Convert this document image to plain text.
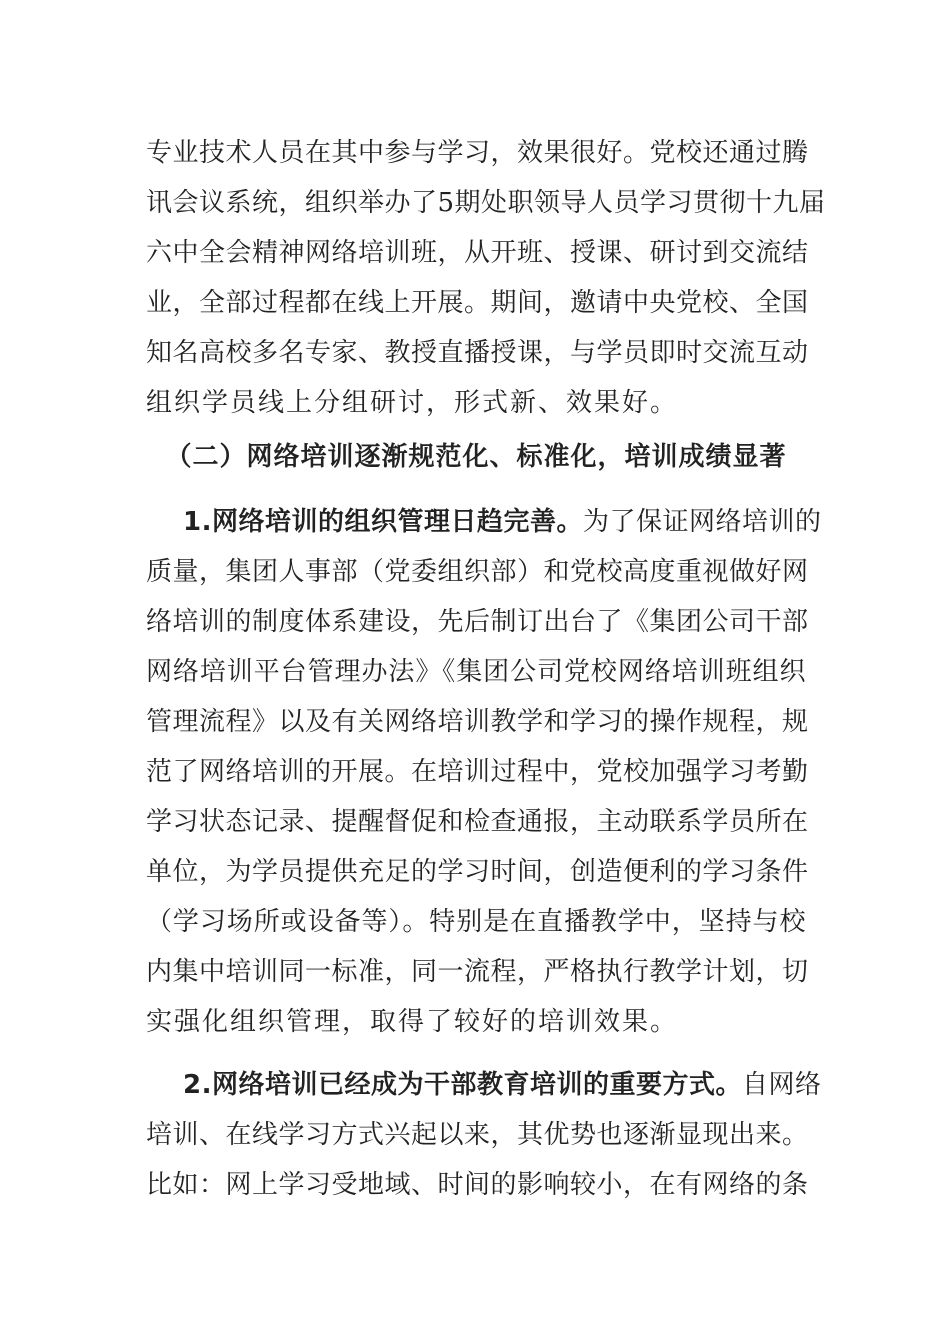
专业技术人员在其中参与学习，效果很好。党校还通过腾
讯会议系统，组织举办了5期处职领导人员学习贯彻十九届
六中全会精神网络培训班，从开班、授课、研讨到交流结
业，全部过程都在线上开展。期间，邀请中央党校、全国
知名高校多名专家、教授直播授课，与学员即时交流互动
组织学员线上分组研讨，形式新、效果好。
（二）网络培训逐渐规范化、标准化，培训成绩显著
1.网络培训的组织管理日趋完善。为了保证网络培训的
质量，集团人事部（党委组织部）和党校高度重视做好网
络培训的制度体系建设，先后制订出台了《集团公司干部
网络培训平台管理办法》《集团公司党校网络培训班组织
管理流程》以及有关网络培训教学和学习的操作规程，规
范了网络培训的开展。在培训过程中，党校加强学习考勤
学习状态记录、提醒督促和检查通报，主动联系学员所在
单位，为学员提供充足的学习时间，创造便利的学习条件
（学习场所或设备等）。特别是在直播教学中，坚持与校
内集中培训同一标准，同一流程，严格执行教学计划，切
实强化组织管理，取得了较好的培训效果。
2.网络培训已经成为干部教育培训的重要方式。自网络
培训、在线学习方式兴起以来，其优势也逐渐显现出来。
比如：网上学习受地域、时间的影响较小，在有网络的条
